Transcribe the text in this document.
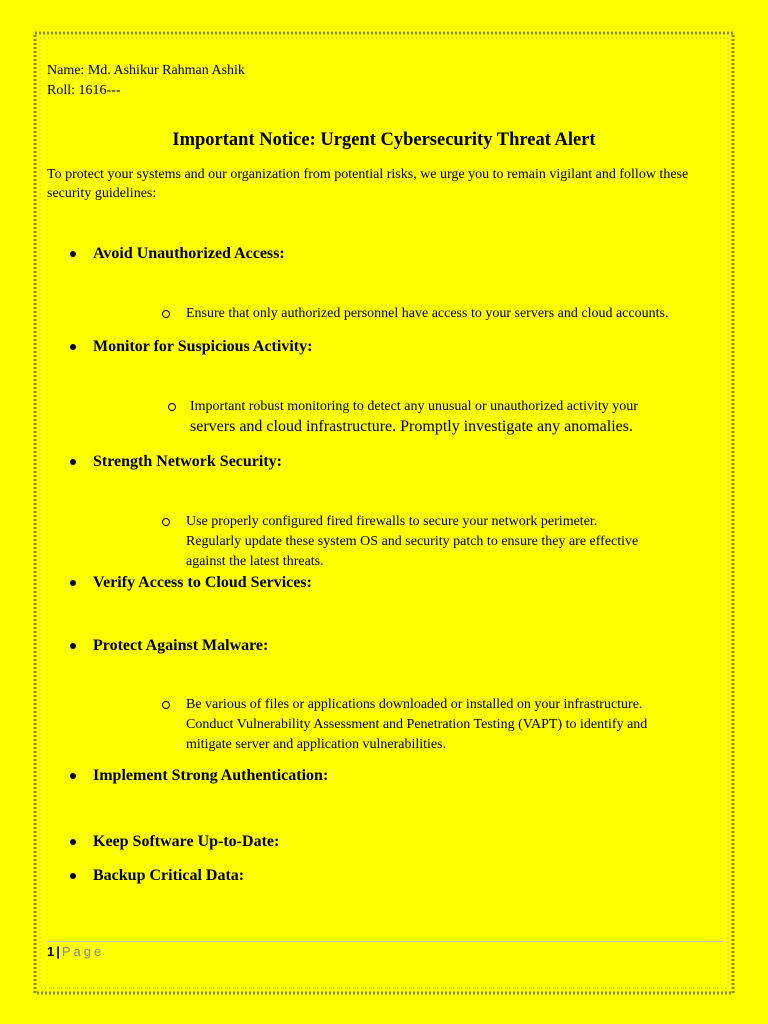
Name: Md. Ashikur Rahman Ashik
Roll: 1616---
Important Notice: Urgent Cybersecurity Threat Alert
To protect your systems and our organization from potential risks, we urge you to remain vigilant and follow these security guidelines:
Avoid Unauthorized Access:
Ensure that only authorized personnel have access to your servers and cloud accounts.
Monitor for Suspicious Activity:
Important robust monitoring to detect any unusual or unauthorized activity your
servers and cloud infrastructure. Promptly investigate any anomalies.
Strength Network Security:
Use properly configured fired firewalls to secure your network perimeter.
Regularly update these system OS and security patch to ensure they are effective
against the latest threats.
Verify Access to Cloud Services:
Protect Against Malware:
Be various of files or applications downloaded or installed on your infrastructure.
Conduct Vulnerability Assessment and Penetration Testing (VAPT) to identify and
mitigate server and application vulnerabilities.
Implement Strong Authentication:
Keep Software Up-to-Date:
Backup Critical Data:
1 | Page
